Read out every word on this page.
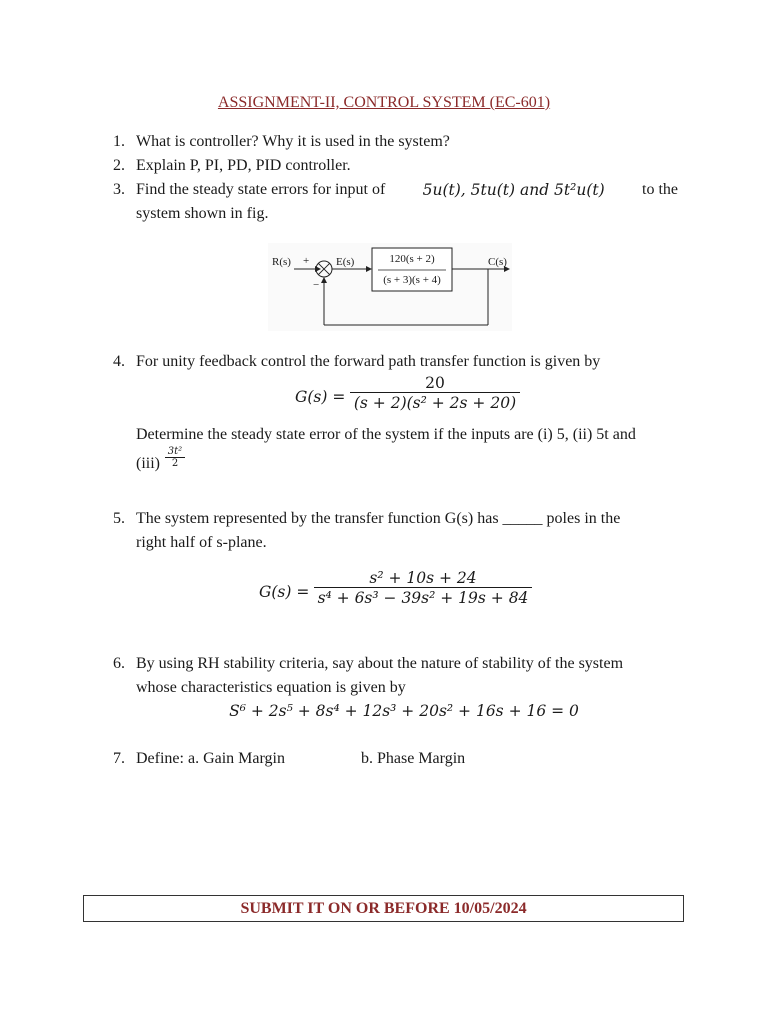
ASSIGNMENT-II, CONTROL SYSTEM (EC-601)
1. What is controller? Why it is used in the system?
2. Explain P, PI, PD, PID controller.
3. Find the steady state errors for input of 5u(t), 5tu(t) and 5t²u(t) to the
system shown in fig.
R(s) +
−
E(s)	120(s + 2)
(s + 3)(s + 4)
C(s)
4. For unity feedback control the forward path transfer function is given by
G(s) =
20
(s + 2)(s² + 2s + 20)
Determine the steady state error of the system if the inputs are (i) 5, (ii) 5t and
(iii)
3t²
2
5. The system represented by the transfer function G(s) has _____ poles in the
right half of s-plane.
G(s) =
s² + 10s + 24
s⁴ + 6s³ − 39s² + 19s + 84
6. By using RH stability criteria, say about the nature of stability of the system
whose characteristics equation is given by
S⁶ + 2s⁵ + 8s⁴ + 12s³ + 20s² + 16s + 16 = 0
7. Define: a. Gain Margin	b. Phase Margin
SUBMIT IT ON OR BEFORE 10/05/2024
